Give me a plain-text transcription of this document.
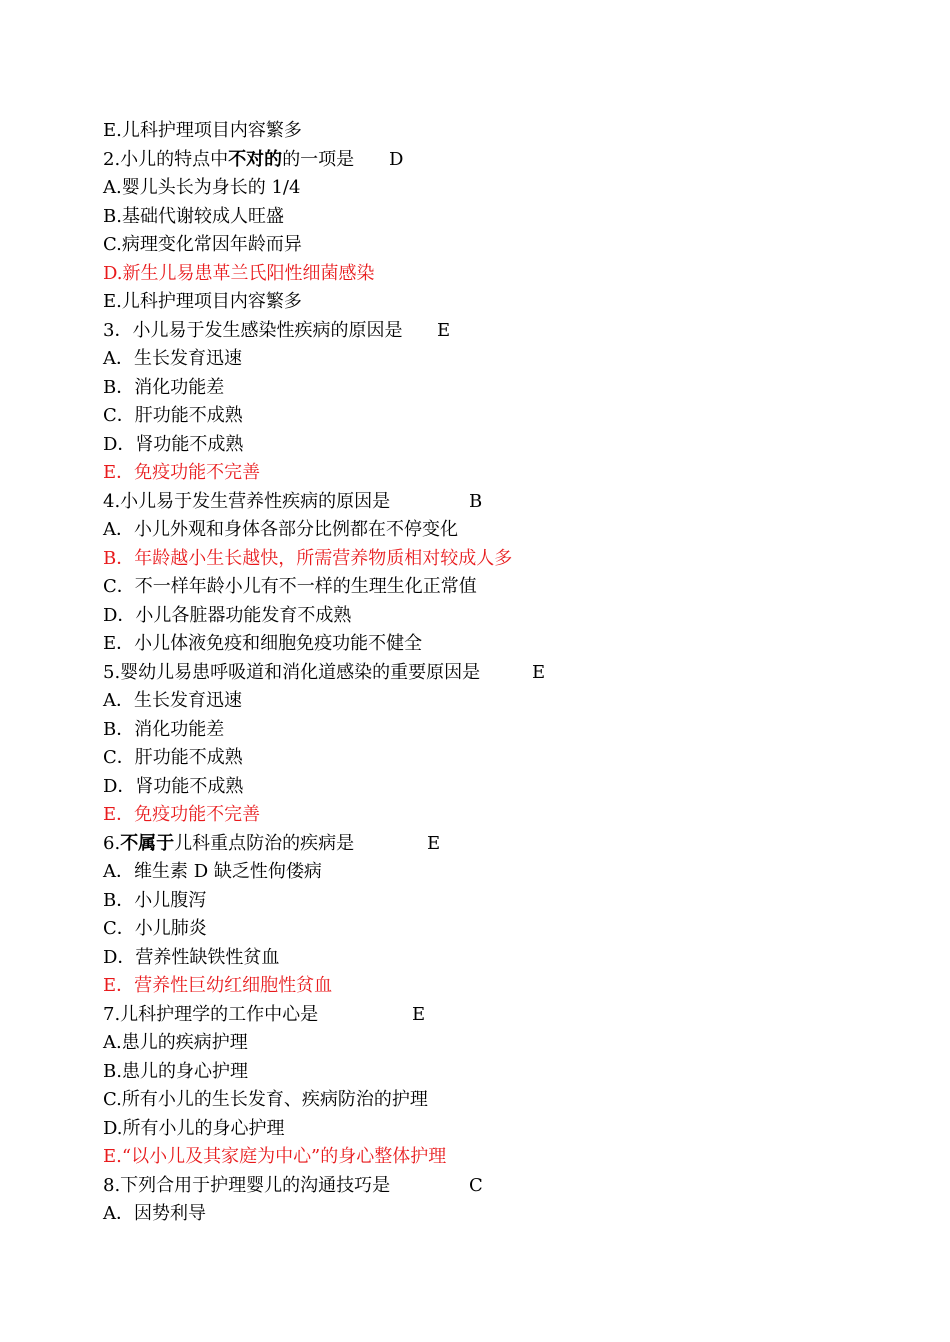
E.儿科护理项目内容繁多
2.小儿的特点中不对的的一项是 D
A.婴儿头长为身长的 1/4
B.基础代谢较成人旺盛
C.病理变化常因年龄而异
D.新生儿易患革兰氏阳性细菌感染
E.儿科护理项目内容繁多
3．小儿易于发生感染性疾病的原因是 E
A．生长发育迅速
B．消化功能差
C．肝功能不成熟
D．肾功能不成熟
E．免疫功能不完善
4.小儿易于发生营养性疾病的原因是	B
A．小儿外观和身体各部分比例都在不停变化
B．年龄越小生长越快，所需营养物质相对较成人多
C．不一样年龄小儿有不一样的生理生化正常值
D．小儿各脏器功能发育不成熟
E．小儿体液免疫和细胞免疫功能不健全
5.婴幼儿易患呼吸道和消化道感染的重要原因是	E
A．生长发育迅速
B．消化功能差
C．肝功能不成熟
D．肾功能不成熟
E．免疫功能不完善
6.不属于儿科重点防治的疾病是	E
A．维生素 D 缺乏性佝偻病
B．小儿腹泻
C．小儿肺炎
D．营养性缺铁性贫血
E．营养性巨幼红细胞性贫血
7.儿科护理学的工作中心是	E
A.患儿的疾病护理
B.患儿的身心护理
C.所有小儿的生长发育、疾病防治的护理
D.所有小儿的身心护理
E.“以小儿及其家庭为中心”的身心整体护理
8.下列合用于护理婴儿的沟通技巧是	C
A．因势利导
